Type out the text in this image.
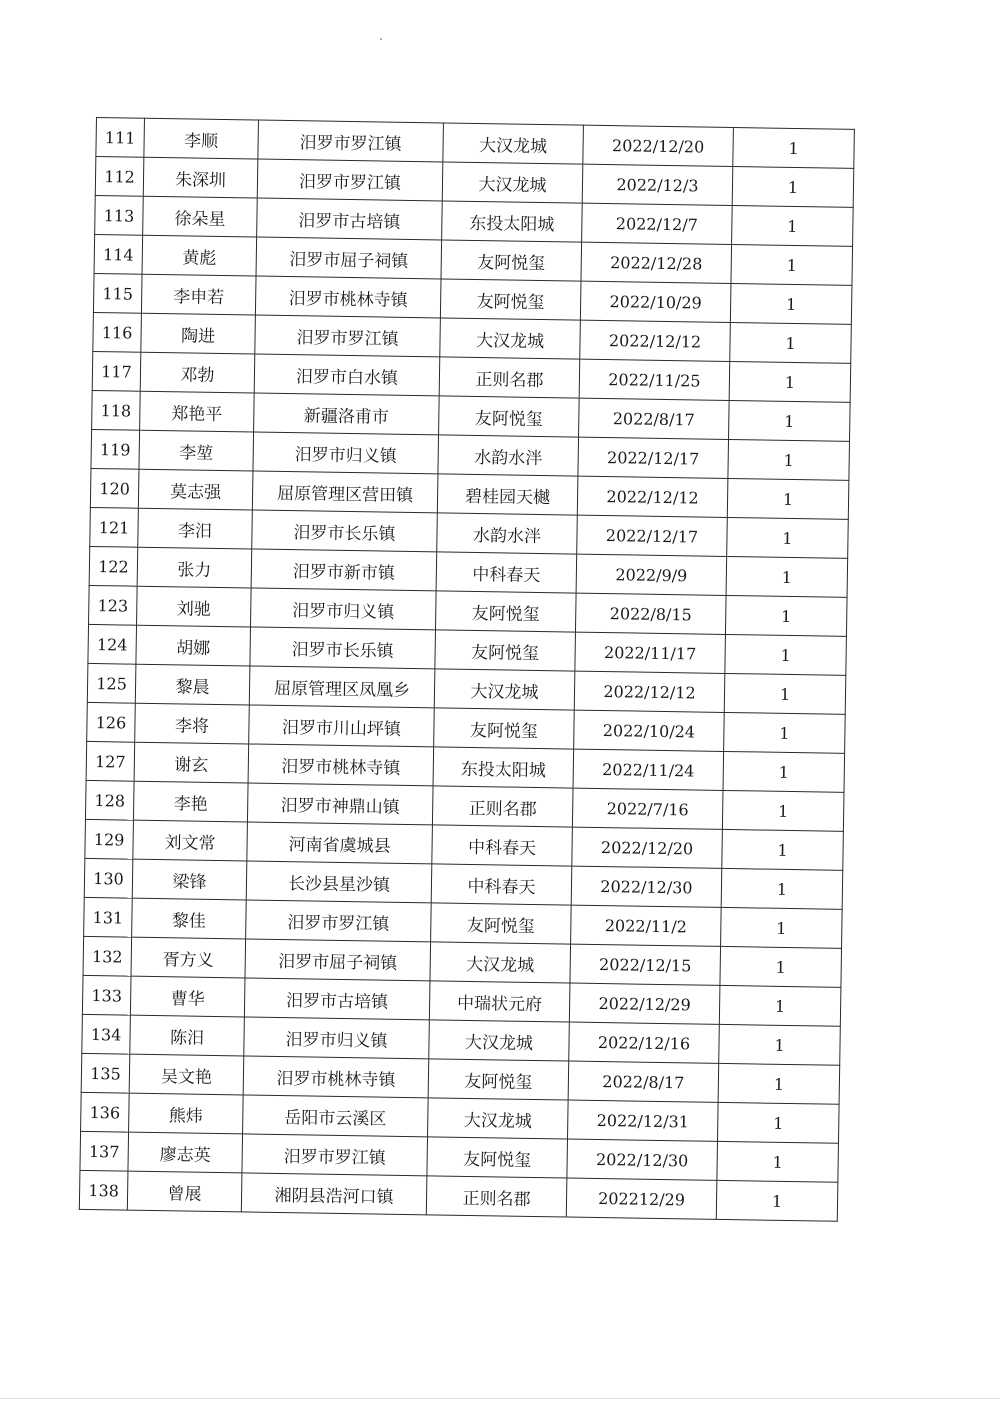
111	李顺	汨罗市罗江镇	大汉龙城	2022/12/20	1
112	朱深圳	汨罗市罗江镇	大汉龙城	2022/12/3	1
113	徐朵星	汨罗市古培镇	东投太阳城	2022/12/7	1
114	黄彪	汨罗市屈子祠镇	友阿悦玺	2022/12/28	1
115	李申若	汨罗市桃林寺镇	友阿悦玺	2022/10/29	1
116	陶进	汨罗市罗江镇	大汉龙城	2022/12/12	1
117	邓勃	汨罗市白水镇	正则名郡	2022/11/25	1
118	郑艳平	新疆洛甫市	友阿悦玺	2022/8/17	1
119	李堃	汨罗市归义镇	水韵水泮	2022/12/17	1
120	莫志强	屈原管理区营田镇	碧桂园天樾	2022/12/12	1
121	李汨	汨罗市长乐镇	水韵水泮	2022/12/17	1
122	张力	汨罗市新市镇	中科春天	2022/9/9	1
123	刘驰	汨罗市归义镇	友阿悦玺	2022/8/15	1
124	胡娜	汨罗市长乐镇	友阿悦玺	2022/11/17	1
125	黎晨	屈原管理区凤凰乡	大汉龙城	2022/12/12	1
126	李将	汨罗市川山坪镇	友阿悦玺	2022/10/24	1
127	谢玄	汨罗市桃林寺镇	东投太阳城	2022/11/24	1
128	李艳	汨罗市神鼎山镇	正则名郡	2022/7/16	1
129	刘文常	河南省虞城县	中科春天	2022/12/20	1
130	梁锋	长沙县星沙镇	中科春天	2022/12/30	1
131	黎佳	汨罗市罗江镇	友阿悦玺	2022/11/2	1
132	胥方义	汨罗市屈子祠镇	大汉龙城	2022/12/15	1
133	曹华	汨罗市古培镇	中瑞状元府	2022/12/29	1
134	陈汨	汨罗市归义镇	大汉龙城	2022/12/16	1
135	吴文艳	汨罗市桃林寺镇	友阿悦玺	2022/8/17	1
136	熊炜	岳阳市云溪区	大汉龙城	2022/12/31	1
137	廖志英	汨罗市罗江镇	友阿悦玺	2022/12/30	1
138	曾展	湘阴县浩河口镇	正则名郡	202212/29	1
